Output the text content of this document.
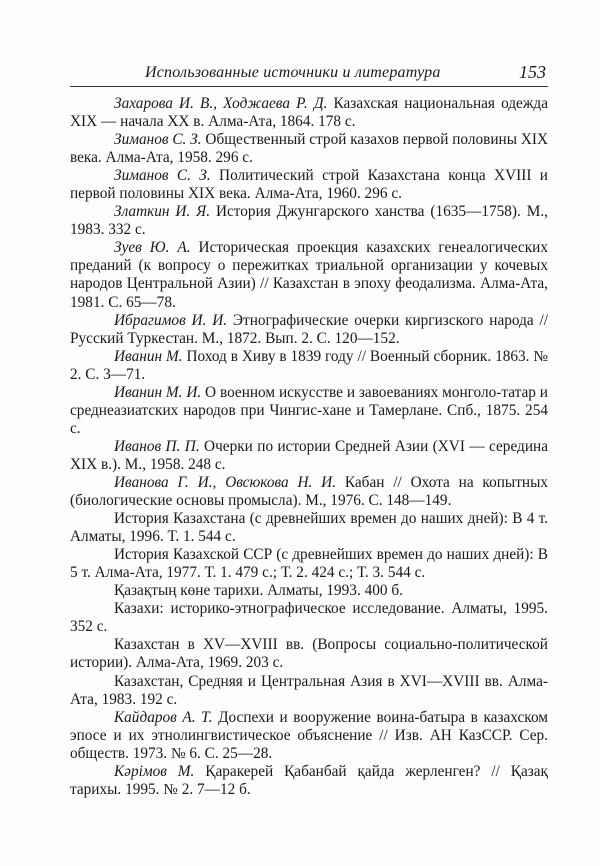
Использованные источники и литература	153

Захарова И. В., Ходжаева Р. Д. Казахская национальная одежда XIX — начала XX в. Алма-Ата, 1864. 178 с.

Зиманов С. З. Общественный строй казахов первой половины XIX века. Алма-Ата, 1958. 296 с.

Зиманов С. З. Политический строй Казахстана конца XVIII и первой половины XIX века. Алма-Ата, 1960. 296 с.

Златкин И. Я. История Джунгарского ханства (1635—1758). М., 1983. 332 с.

Зуев Ю. А. Историческая проекция казахских генеалогических преданий (к вопросу о пережитках триальной организации у кочевых народов Центральной Азии) // Казахстан в эпоху феодализма. Алма-Ата, 1981. С. 65—78.

Ибрагимов И. И. Этнографические очерки киргизского народа // Русский Туркестан. М., 1872. Вып. 2. С. 120—152.

Иванин М. Поход в Хиву в 1839 году // Военный сборник. 1863. № 2. С. 3—71.

Иванин М. И. О военном искусстве и завоеваниях монголо-татар и среднеазиатских народов при Чингис-хане и Тамерлане. Спб., 1875. 254 с.

Иванов П. П. Очерки по истории Средней Азии (XVI — середина XIX в.). М., 1958. 248 с.

Иванова Г. И., Овсюкова Н. И. Кабан // Охота на копытных (биологические основы промысла). М., 1976. С. 148—149.

История Казахстана (с древнейших времен до наших дней): В 4 т. Алматы, 1996. Т. 1. 544 с.

История Казахской ССР (с древнейших времен до наших дней): В 5 т. Алма-Ата, 1977. Т. 1. 479 с.; Т. 2. 424 с.; Т. 3. 544 с.

Қазақтың көне тарихи. Алматы, 1993. 400 б.

Казахи: историко-этнографическое исследование. Алматы, 1995. 352 с.

Казахстан в XV—XVIII вв. (Вопросы социально-политической истории). Алма-Ата, 1969. 203 с.

Казахстан, Средняя и Центральная Азия в XVI—XVIII вв. Алма-Ата, 1983. 192 с.

Кайдаров А. Т. Доспехи и вооружение воина-батыра в казахском эпосе и их этнолингвистическое объяснение // Изв. АН КазССР. Сер. обществ. 1973. № 6. С. 25—28.

Кәрімов М. Қаракерей Қабанбай қайда жерленген? // Қазақ тарихы. 1995. № 2. 7—12 б.
